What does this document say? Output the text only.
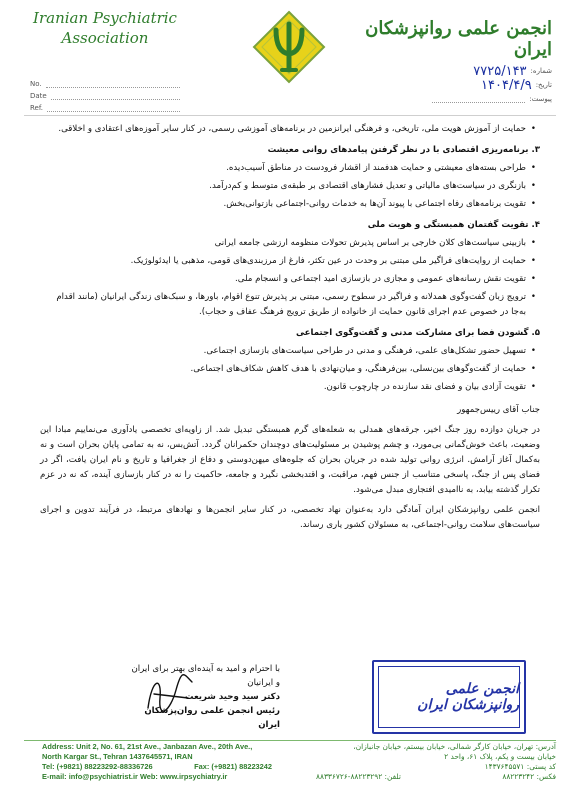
Iranian Psychiatric
Association	انجمن علمی روانپزشکان ایران
No.
Date
Ref.
شماره:
۷۷۲۵/۱۴۳
تاریخ:
۱۴۰۴/۴/۹
پیوست:
• حمایت از آموزش هویت ملی، تاریخی، و فرهنگی ایرانزمین در برنامه‌های آموزشی رسمی، در کنار سایر آموزه‌های اعتقادی و اخلاقی.
۳. برنامه‌ریزی اقتصادی با در نظر گرفتن پیامدهای روانی معیشت
• طراحی بسته‌های معیشتی و حمایت هدفمند از اقشار فرودست در مناطق آسیب‌دیده.
• بازنگری در سیاست‌های مالیاتی و تعدیل فشارهای اقتصادی بر طبقه‌ی متوسط و کم‌درآمد.
• تقویت برنامه‌های رفاه اجتماعی با پیوند آن‌ها به خدمات روانی-اجتماعی بازتوانی‌بخش.
۴. تقویت گفتمان همبستگی و هویت ملی
• بازبینی سیاست‌های کلان خارجی بر اساس پذیرش تحولات منظومه ارزشی جامعه ایرانی
• حمایت از روایت‌های فراگیر ملی مبتنی بر وحدت در عین تکثر، فارغ از مرزبندی‌های قومی، مذهبی یا ایدئولوژیک.
• تقویت نقش رسانه‌های عمومی و مجازی در بازسازی امید اجتماعی و انسجام ملی.
• ترویج زبان گفت‌وگوی همدلانه و فراگیر در سطوح رسمی، مبتنی بر پذیرش تنوع اقوام، باورها، و سبک‌های زندگی ایرانیان (مانند اقدام به‌جا در خصوص عدم اجرای قانون حمایت از خانواده از طریق ترویج فرهنگ عفاف و حجاب).
۵. گشودن فضا برای مشارکت مدنی و گفت‌وگوی اجتماعی
• تسهیل حضور تشکل‌های علمی، فرهنگی و مدنی در طراحی سیاست‌های بازسازی اجتماعی.
• حمایت از گفت‌وگوهای بین‌نسلی، بین‌فرهنگی، و میان‌نهادی با هدف کاهش شکاف‌های اجتماعی.
• تقویت آزادی بیان و فضای نقد سازنده در چارچوب قانون.

جناب آقای رییس‌جمهور

در جریان دوازده روز جنگ اخیر، جرقه‌های همدلی به شعله‌های گرم همبستگی تبدیل شد. از زاویه‌ای تخصصی یادآوری می‌نماییم مبادا این وضعیت، باعث خوش‌گمانی بی‌مورد، و چشم پوشیدن بر مسئولیت‌های دوچندان حکمرانان گردد. آتش‌بس، نه به تمامی پایان بحران است و نه به‌کمال آغاز آرامش. انرژی روانی تولید شده در جریان بحران که جلوه‌های میهن‌دوستی و دفاع از جغرافیا و تاریخ و نام ایران یافت، اگر در فضای پس از جنگ، پاسخی متناسب از جنس فهم، مراقبت، و اقتدبخشی نگیرد و جامعه، حاکمیت را نه در کنار بازسازی آینده، که نه در عزم تکرار گذشته بیابد، به ناامیدی افتجاری مبدل می‌شود.

انجمن علمی روانپزشکان ایران آمادگی دارد به‌عنوان نهاد تخصصی، در کنار سایر انجمن‌ها و نهادهای مرتبط، در فرآیند تدوین و اجرای سیاست‌های سلامت روانی-اجتماعی، به مسئولان کشور یاری رساند.

با احترام و امید به آینده‌ای بهتر برای ایران و ایرانیان
دکتر سید وحید شریعت
رئیس انجمن علمی روان‌پزشکان ایران
انجمن علمی روانپزشکان ایران
Address: Unit 2, No. 61, 21st Ave., Janbazan Ave., 20th Ave.,
North Kargar St., Tehran 1437645571, IRAN
Tel: (+9821) 88223292-88336726	Fax: (+9821) 88223242
E-mail: info@psychiatrist.ir Web: www.irpsychiatry.ir
آدرس: تهران، خیابان کارگر شمالی، خیابان بیستم، خیابان جانبازان،
خیابان بیست و یکم، پلاک ۶۱، واحد ۲
کد پستی: ۱۴۳۷۶۴۵۵۷۱
فکس: ۸۸۲۲۳۲۴۲
تلفن: ۸۸۲۲۳۲۹۲-۸۸۳۳۶۷۲۶
